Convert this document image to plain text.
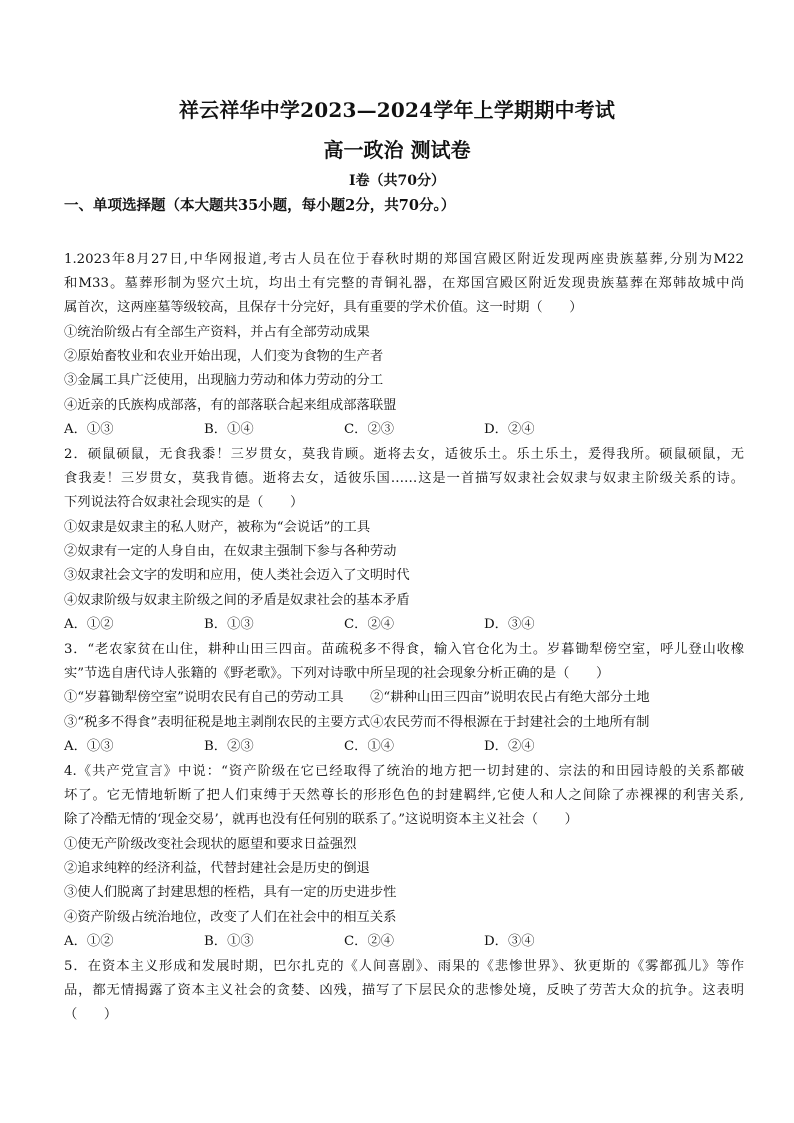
祥云祥华中学2023—2024学年上学期期中考试
高一政治 测试卷
Ⅰ卷（共70分）
一、单项选择题（本大题共35小题，每小题2分，共70分。）
1.2023年8月27日,中华网报道,考古人员在位于春秋时期的郑国宫殿区附近发现两座贵族墓葬,分别为M22
和M33。墓葬形制为竖穴土坑，均出土有完整的青铜礼器，在郑国宫殿区附近发现贵族墓葬在郑韩故城中尚
属首次，这两座墓等级较高，且保存十分完好，具有重要的学术价值。这一时期（　　）
①统治阶级占有全部生产资料，并占有全部劳动成果
②原始畜牧业和农业开始出现，人们变为食物的生产者
③金属工具广泛使用，出现脑力劳动和体力劳动的分工
④近亲的氏族构成部落，有的部落联合起来组成部落联盟
A．①③	B．①④	C．②③	D．②④
2．硕鼠硕鼠，无食我黍！三岁贯女，莫我肯顾。逝将去女，适彼乐土。乐土乐土，爰得我所。硕鼠硕鼠，无
食我麦！三岁贯女，莫我肯德。逝将去女，适彼乐国……这是一首描写奴隶社会奴隶与奴隶主阶级关系的诗。
下列说法符合奴隶社会现实的是（　　）
①奴隶是奴隶主的私人财产，被称为“会说话”的工具
②奴隶有一定的人身自由，在奴隶主强制下参与各种劳动
③奴隶社会文字的发明和应用，使人类社会迈入了文明时代
④奴隶阶级与奴隶主阶级之间的矛盾是奴隶社会的基本矛盾
A．①②	B．①③	C．②④	D．③④
3．“老农家贫在山住，耕种山田三四亩。苗疏税多不得食，输入官仓化为土。岁暮锄犁傍空室，呼儿登山收橡
实”节选自唐代诗人张籍的《野老歌》。下列对诗歌中所呈现的社会现象分析正确的是（　　）
①“岁暮锄犁傍空室”说明农民有自己的劳动工具　　②“耕种山田三四亩”说明农民占有绝大部分土地
③“税多不得食”表明征税是地主剥削农民的主要方式④农民劳而不得根源在于封建社会的土地所有制
A．①③	B．②③	C．①④	D．②④
4.《共产党宣言》中说：“资产阶级在它已经取得了统治的地方把一切封建的、宗法的和田园诗般的关系都破
坏了。它无情地斩断了把人们束缚于天然尊长的形形色色的封建羁绊,它使人和人之间除了赤裸裸的利害关系,
除了冷酷无情的‘现金交易’，就再也没有任何别的联系了。”这说明资本主义社会（　　）
①使无产阶级改变社会现状的愿望和要求日益强烈
②追求纯粹的经济利益，代替封建社会是历史的倒退
③使人们脱离了封建思想的桎梏，具有一定的历史进步性
④资产阶级占统治地位，改变了人们在社会中的相互关系
A．①②	B．①③	C．②④	D．③④
5．在资本主义形成和发展时期，巴尔扎克的《人间喜剧》、雨果的《悲惨世界》、狄更斯的《雾都孤儿》等作
品，都无情揭露了资本主义社会的贪婪、凶残，描写了下层民众的悲惨处境，反映了劳苦大众的抗争。这表明
（　　）
